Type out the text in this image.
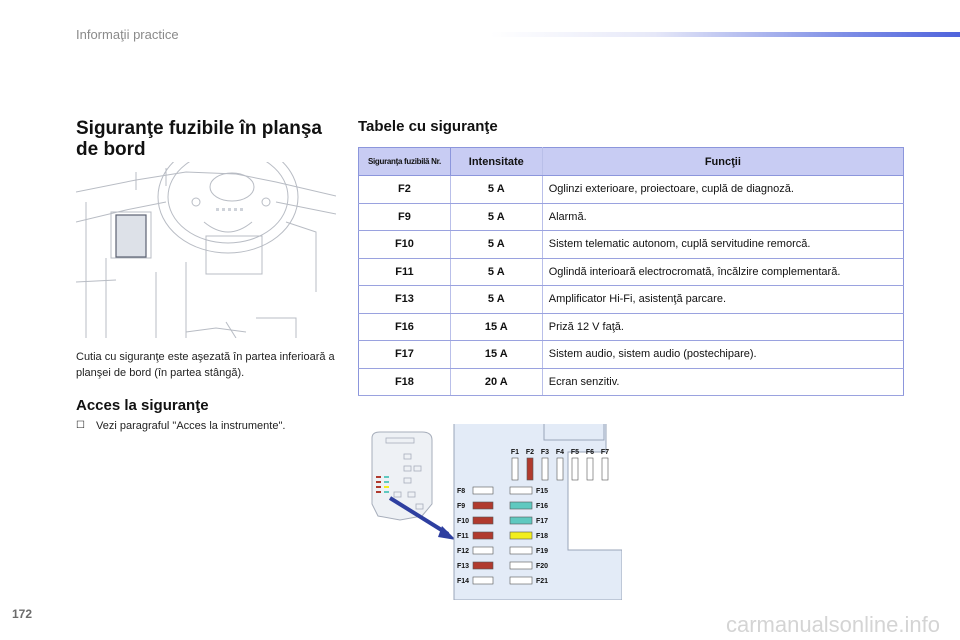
Informaţii practice
Siguranţe fuzibile în planşa de bord

Cutia cu siguranţe este aşezată în partea inferioară a planşei de bord (în partea stângă).

Acces la siguranţe
☐ Vezi paragraful "Acces la instrumente".
Tabele cu siguranţe
Siguranţa fuzibilă Nr.	Intensitate	Funcţii
F2	5 A	Oglinzi exterioare, proiectoare, cuplă de diagnoză.
F9	5 A	Alarmă.
F10	5 A	Sistem telematic autonom, cuplă servitudine remorcă.
F11	5 A	Oglindă interioară electrocromată, încălzire complementară.
F13	5 A	Amplificator Hi-Fi, asistenţă parcare.
F16	15 A	Priză 12 V faţă.
F17	15 A	Sistem audio, sistem audio (postechipare).
F18	20 A	Ecran senzitiv.
F1 F2 F3 F4 F5 F6 F7
F8
F9
F10
F11
F12
F13
F14
F15
F16
F17
F18
F19
F20
F21
172	carmanualsonline.info
